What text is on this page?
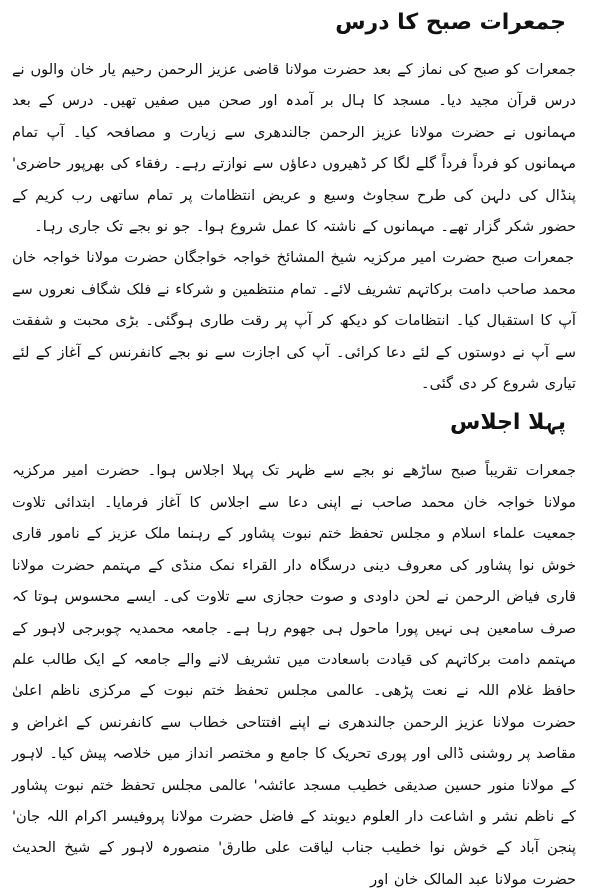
جمعرات صبح کا درس

جمعرات کو صبح کی نماز کے بعد حضرت مولانا قاضی عزیز الرحمن رحیم یار خان والوں نے درس قرآن مجید دیا۔ مسجد کا ہال بر آمدہ اور صحن میں صفیں تھیں۔ درس کے بعد مہمانوں نے حضرت مولانا عزیز الرحمن جالندھری سے زیارت و مصافحہ کیا۔ آپ تمام مہمانوں کو فرداً فرداً گلے لگا کر ڈھیروں دعاؤں سے نوازتے رہے۔ رفقاء کی بھرپور حاضری' پنڈال کی دلہن کی طرح سجاوٹ وسیع و عریض انتظامات پر تمام ساتھی رب کریم کے حضور شکر گزار تھے۔ مہمانوں کے ناشتہ کا عمل شروع ہوا۔ جو نو بجے تک جاری رہا۔

جمعرات صبح حضرت امیر مرکزیہ شیخ المشائخ خواجہ خواجگان حضرت مولانا خواجہ خان محمد صاحب دامت برکاتہم تشریف لائے۔ تمام منتظمین و شرکاء نے فلک شگاف نعروں سے آپ کا استقبال کیا۔ انتظامات کو دیکھ کر آپ پر رقت طاری ہوگئی۔ بڑی محبت و شفقت سے آپ نے دوستوں کے لئے دعا کرائی۔ آپ کی اجازت سے نو بجے کانفرنس کے آغاز کے لئے تیاری شروع کر دی گئی۔

پہلا اجلاس

جمعرات تقریباً صبح ساڑھے نو بجے سے ظہر تک پہلا اجلاس ہوا۔ حضرت امیر مرکزیہ مولانا خواجہ خان محمد صاحب نے اپنی دعا سے اجلاس کا آغاز فرمایا۔ ابتدائی تلاوت جمعیت علماء اسلام و مجلس تحفظ ختم نبوت پشاور کے رہنما ملک عزیز کے نامور قاری خوش نوا پشاور کی معروف دینی درسگاہ دار القراء نمک منڈی کے مہتمم حضرت مولانا قاری فیاض الرحمن نے لحن داودی و صوت حجازی سے تلاوت کی۔ ایسے محسوس ہوتا کہ صرف سامعین ہی نہیں پورا ماحول ہی جھوم رہا ہے۔ جامعہ محمدیہ چوبرجی لاہور کے مہتمم دامت برکاتہم کی قیادت باسعادت میں تشریف لانے والے جامعہ کے ایک طالب علم حافظ غلام اللہ نے نعت پڑھی۔ عالمی مجلس تحفظ ختم نبوت کے مرکزی ناظم اعلیٰ حضرت مولانا عزیز الرحمن جالندھری نے اپنے افتتاحی خطاب سے کانفرنس کے اغراض و مقاصد پر روشنی ڈالی اور پوری تحریک کا جامع و مختصر انداز میں خلاصہ پیش کیا۔ لاہور کے مولانا منور حسین صدیقی خطیب مسجد عائشہ' عالمی مجلس تحفظ ختم نبوت پشاور کے ناظم نشر و اشاعت دار العلوم دیوبند کے فاضل حضرت مولانا پروفیسر اکرام اللہ جان' پنجن آباد کے خوش نوا خطیب جناب لیاقت علی طارق' منصورہ لاہور کے شیخ الحدیث حضرت مولانا عبد المالک خان اور
